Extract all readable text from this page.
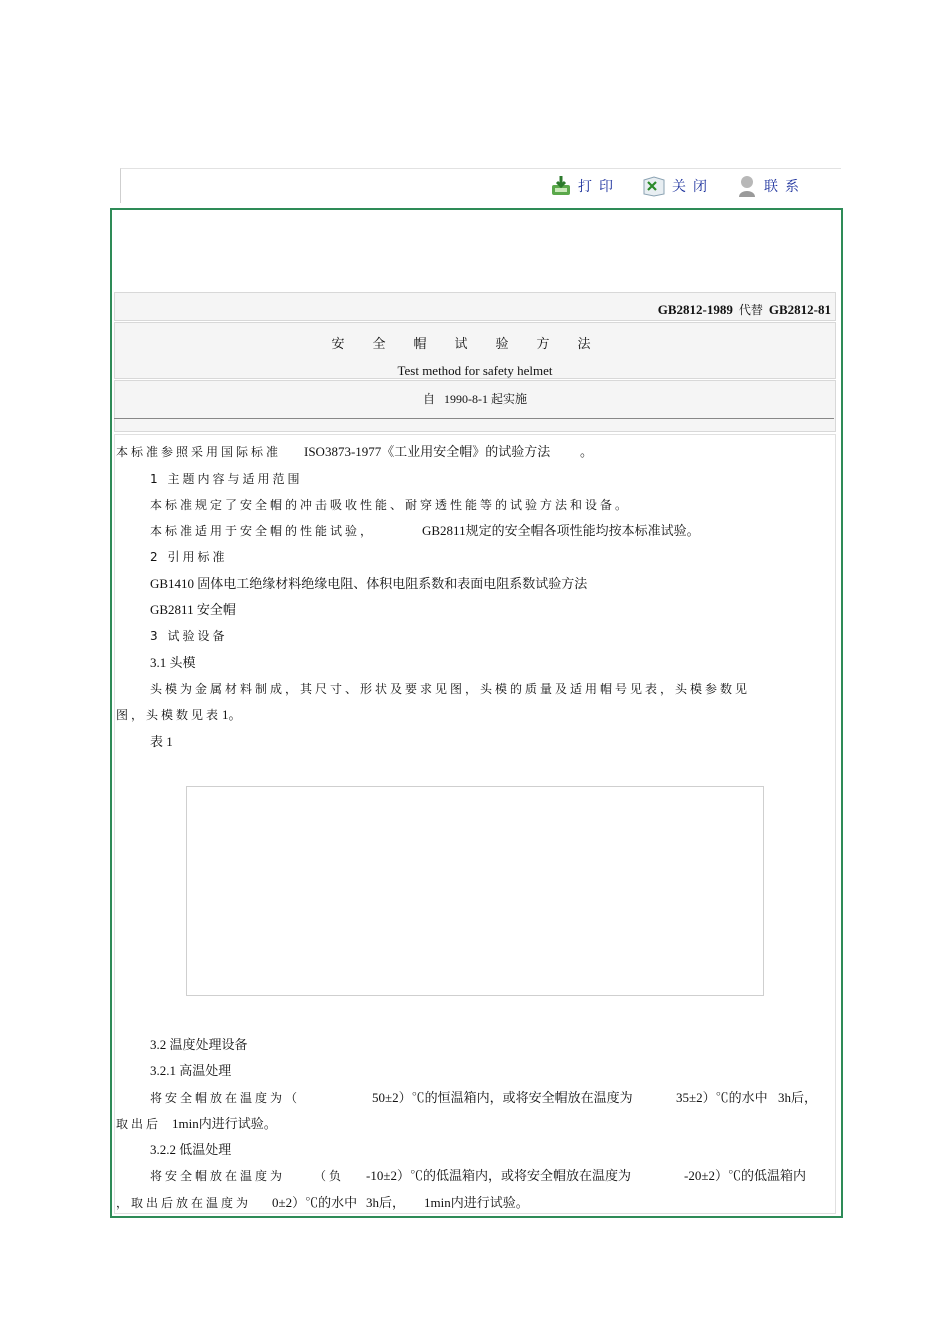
打印	关闭	联系
GB2812-1989 代替 GB2812-81
安全帽试验方法
Test method for safety helmet
自 1990-8-1 起实施
本标准参照采用国际标准 ISO3873-1977《工业用安全帽》的试验方法 。
1 主题内容与适用范围
本标准规定了安全帽的冲击吸收性能、耐穿透性能等的试验方法和设备。
本标准适用于安全帽的性能试验，	GB2811规定的安全帽各项性能均按本标准试验。
2 引用标准
GB1410 固体电工绝缘材料绝缘电阻、体积电阻系数和表面电阻系数试验方法
GB2811 安全帽
3 试验设备
3.1 头模
头模为金属材料制成，其尺寸、形状及要求见图，头模的质量及适用帽号见表，头模参数见
图，头模数见表 1。
表 1
3.2 温度处理设备
3.2.1 高温处理
将安全帽放在温度为（	50±2）℃的恒温箱内，或将安全帽放在温度为	35±2）℃的水中 3h后，
取出后 1min内进行试验。
3.2.2 低温处理
将安全帽放在温度为 （负 -10±2）℃的低温箱内，或将安全帽放在温度为	-20±2）℃的低温箱内
，取出后放在温度为 0±2）℃的水中 3h后， 1min内进行试验。
